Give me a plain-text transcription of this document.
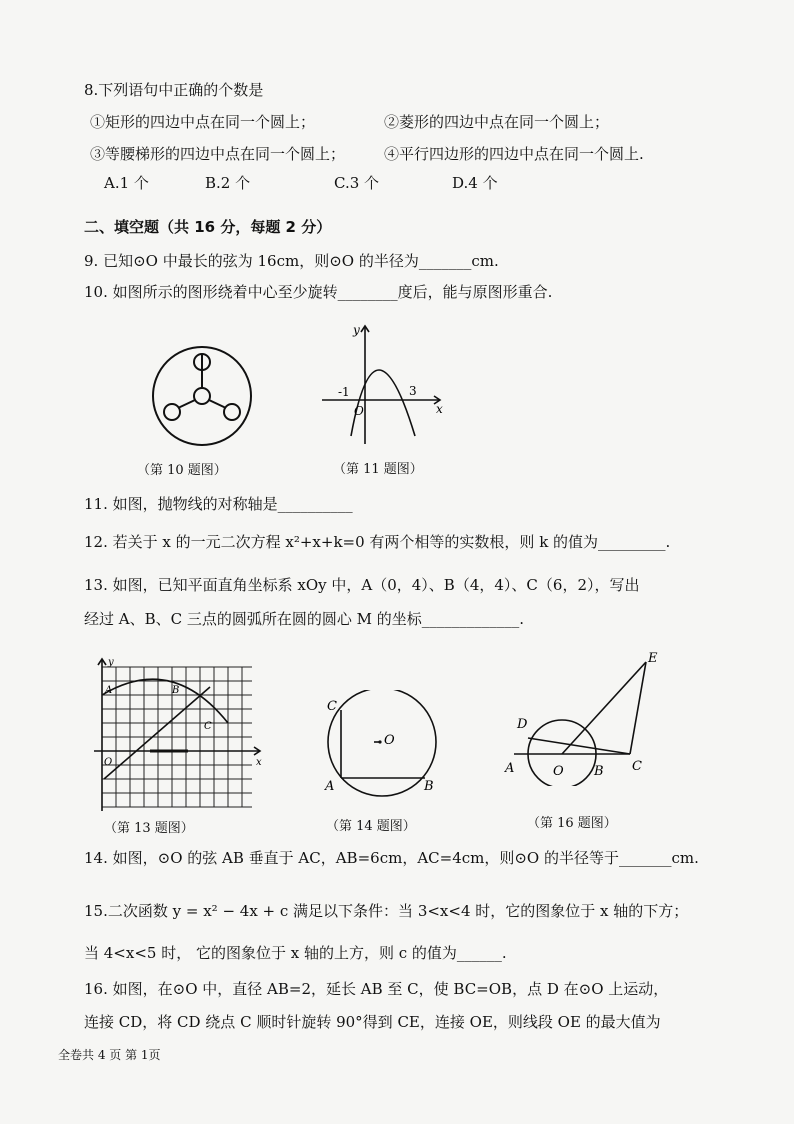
8.下列语句中正确的个数是
①矩形的四边中点在同一个圆上；	②菱形的四边中点在同一个圆上；
③等腰梯形的四边中点在同一个圆上；	④平行四边形的四边中点在同一个圆上.
A.1 个	B.2 个	C.3 个	D.4 个
二、填空题（共 16 分，每题 2 分）
9. 已知⊙O 中最长的弦为 16cm，则⊙O 的半径为_______cm.
10. 如图所示的图形绕着中心至少旋转________度后，能与原图形重合.
（第 10 题图）
y
x
-1	3
O
（第 11 题图）
11. 如图，抛物线的对称轴是__________
12. 若关于 x 的一元二次方程 x²+x+k=0 有两个相等的实数根，则 k 的值为_________.
13. 如图，已知平面直角坐标系 xOy 中，A（0，4）、B（4，4）、C（6，2），写出
经过 A、B、C 三点的圆弧所在圆的圆心 M 的坐标_____________.
y
x
A	B
C
O
（第 13 题图）
C
A	B
O
（第 14 题图）
E
D
A	O B C
（第 16 题图）
14. 如图，⊙O 的弦 AB 垂直于 AC，AB=6cm，AC=4cm，则⊙O 的半径等于_______cm.
15.二次函数 y = x² − 4x + c 满足以下条件：当 3<x<4 时，它的图象位于 x 轴的下方；
当 4<x<5 时， 它的图象位于 x 轴的上方，则 c 的值为______.
16. 如图，在⊙O 中，直径 AB=2，延长 AB 至 C，使 BC=OB，点 D 在⊙O 上运动，
连接 CD，将 CD 绕点 C 顺时针旋转 90°得到 CE，连接 OE，则线段 OE 的最大值为
全卷共 4 页 第 1页
